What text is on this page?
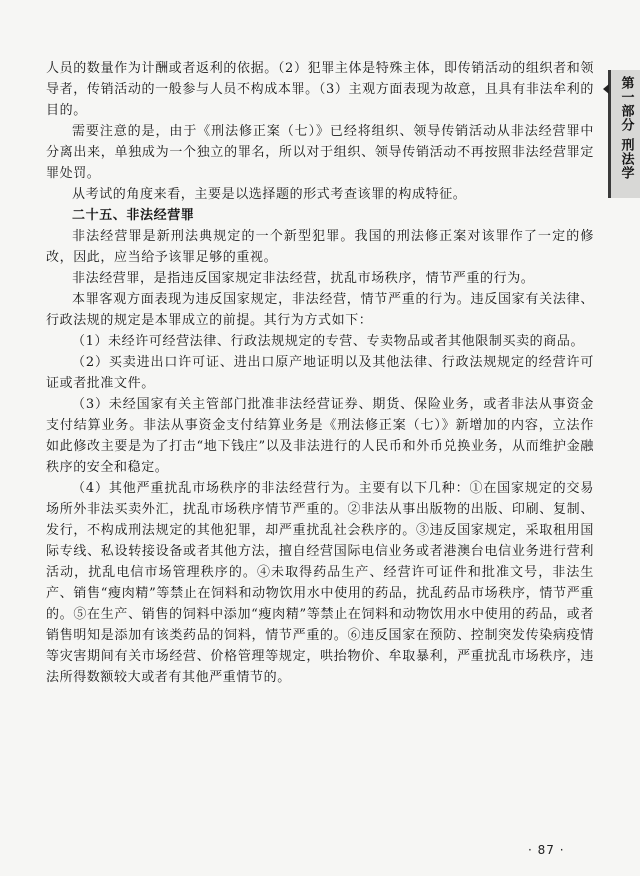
人员的数量作为计酬或者返利的依据。（2）犯罪主体是特殊主体，即传销活动的组织者和领导者，传销活动的一般参与人员不构成本罪。（3）主观方面表现为故意，且具有非法牟利的目的。

需要注意的是，由于《刑法修正案（七）》已经将组织、领导传销活动从非法经营罪中分离出来，单独成为一个独立的罪名，所以对于组织、领导传销活动不再按照非法经营罪定罪处罚。

从考试的角度来看，主要是以选择题的形式考查该罪的构成特征。

二十五、非法经营罪

非法经营罪是新刑法典规定的一个新型犯罪。我国的刑法修正案对该罪作了一定的修改，因此，应当给予该罪足够的重视。

非法经营罪，是指违反国家规定非法经营，扰乱市场秩序，情节严重的行为。

本罪客观方面表现为违反国家规定，非法经营，情节严重的行为。违反国家有关法律、行政法规的规定是本罪成立的前提。其行为方式如下：

（1）未经许可经营法律、行政法规规定的专营、专卖物品或者其他限制买卖的商品。

（2）买卖进出口许可证、进出口原产地证明以及其他法律、行政法规规定的经营许可证或者批准文件。

（3）未经国家有关主管部门批准非法经营证券、期货、保险业务，或者非法从事资金支付结算业务。非法从事资金支付结算业务是《刑法修正案（七）》新增加的内容，立法作如此修改主要是为了打击“地下钱庄”以及非法进行的人民币和外币兑换业务，从而维护金融秩序的安全和稳定。

（4）其他严重扰乱市场秩序的非法经营行为。主要有以下几种：①在国家规定的交易场所外非法买卖外汇，扰乱市场秩序情节严重的。②非法从事出版物的出版、印刷、复制、发行，不构成刑法规定的其他犯罪，却严重扰乱社会秩序的。③违反国家规定，采取租用国际专线、私设转接设备或者其他方法，擅自经营国际电信业务或者港澳台电信业务进行营利活动，扰乱电信市场管理秩序的。④未取得药品生产、经营许可证件和批准文号，非法生产、销售“瘦肉精”等禁止在饲料和动物饮用水中使用的药品，扰乱药品市场秩序，情节严重的。⑤在生产、销售的饲料中添加“瘦肉精”等禁止在饲料和动物饮用水中使用的药品，或者销售明知是添加有该类药品的饲料，情节严重的。⑥违反国家在预防、控制突发传染病疫情等灾害期间有关市场经营、价格管理等规定，哄抬物价、牟取暴利，严重扰乱市场秩序，违法所得数额较大或者有其他严重情节的。

第一部分
刑法学
· 87 ·
